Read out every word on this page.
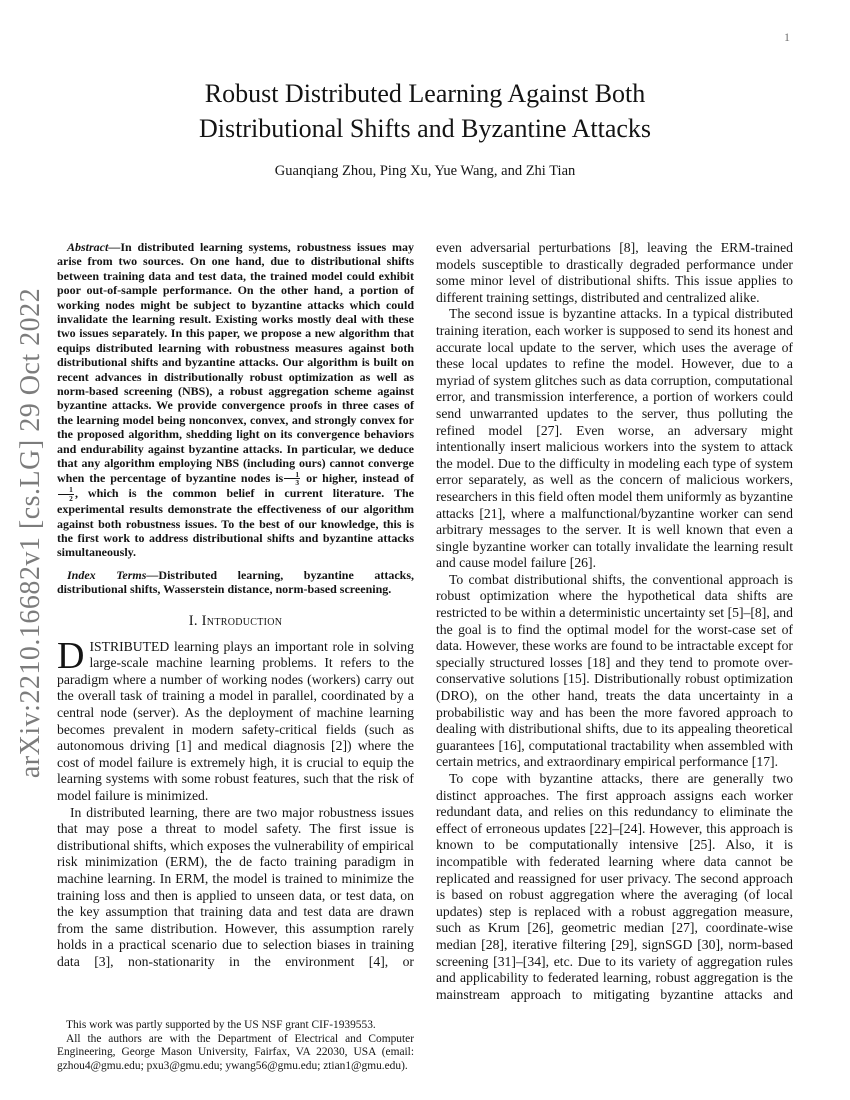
1
arXiv:2210.16682v1 [cs.LG] 29 Oct 2022
Robust Distributed Learning Against Both
Distributional Shifts and Byzantine Attacks
Guanqiang Zhou, Ping Xu, Yue Wang, and Zhi Tian

Abstract—In distributed learning systems, robustness issues may arise from two sources. On one hand, due to distributional shifts between training data and test data, the trained model could exhibit poor out-of-sample performance. On the other hand, a portion of working nodes might be subject to byzantine attacks which could invalidate the learning result. Existing works mostly deal with these two issues separately. In this paper, we propose a new algorithm that equips distributed learning with robustness measures against both distributional shifts and byzantine attacks. Our algorithm is built on recent advances in distributionally robust optimization as well as norm-based screening (NBS), a robust aggregation scheme against byzantine attacks. We provide convergence proofs in three cases of the learning model being nonconvex, convex, and strongly convex for the proposed algorithm, shedding light on its convergence behaviors and endurability against byzantine attacks. In particular, we deduce that any algorithm employing NBS (including ours) cannot converge when the percentage of byzantine nodes is $\frac{1}{3}$ or higher, instead of
$\frac{1}{2}$ , which is the common belief in current literature. The experimental results demonstrate the effectiveness of our algorithm against both robustness issues. To the best of our knowledge, this is the first work to address distributional shifts and byzantine attacks simultaneously.

Index Terms—Distributed learning, byzantine attacks, distributional shifts, Wasserstein distance, norm-based screening.

I. Introduction

DISTRIBUTED learning plays an important role in solving large-scale machine learning problems. It refers to the paradigm where a number of working nodes (workers) carry out the overall task of training a model in parallel, coordinated by a central node (server). As the deployment of machine learning becomes prevalent in modern safety-critical fields (such as autonomous driving [1] and medical diagnosis [2]) where the cost of model failure is extremely high, it is crucial to equip the learning systems with some robust features, such that the risk of model failure is minimized.

In distributed learning, there are two major robustness issues that may pose a threat to model safety. The first issue is distributional shifts, which exposes the vulnerability of empirical risk minimization (ERM), the de facto training paradigm in machine learning. In ERM, the model is trained to minimize the training loss and then is applied to unseen data, or test data, on the key assumption that training data and test data are drawn from the same distribution. However, this assumption rarely holds in a practical scenario due to selection biases in training data [3], non-stationarity in the environment [4], or

This work was partly supported by the US NSF grant CIF-1939553.

All the authors are with the Department of Electrical and Computer Engineering, George Mason University, Fairfax, VA 22030, USA (email: gzhou4@gmu.edu; pxu3@gmu.edu; ywang56@gmu.edu; ztian1@gmu.edu).

even adversarial perturbations [8], leaving the ERM-trained models susceptible to drastically degraded performance under some minor level of distributional shifts. This issue applies to different training settings, distributed and centralized alike.

The second issue is byzantine attacks. In a typical distributed training iteration, each worker is supposed to send its honest and accurate local update to the server, which uses the average of these local updates to refine the model. However, due to a myriad of system glitches such as data corruption, computational error, and transmission interference, a portion of workers could send unwarranted updates to the server, thus polluting the refined model [27]. Even worse, an adversary might intentionally insert malicious workers into the system to attack the model. Due to the difficulty in modeling each type of system error separately, as well as the concern of malicious workers, researchers in this field often model them uniformly as byzantine attacks [21], where a malfunctional/byzantine worker can send arbitrary messages to the server. It is well known that even a single byzantine worker can totally invalidate the learning result and cause model failure [26].

To combat distributional shifts, the conventional approach is robust optimization where the hypothetical data shifts are restricted to be within a deterministic uncertainty set [5]–[8], and the goal is to find the optimal model for the worst-case set of data. However, these works are found to be intractable except for specially structured losses [18] and they tend to promote over-conservative solutions [15]. Distributionally robust optimization (DRO), on the other hand, treats the data uncertainty in a probabilistic way and has been the more favored approach to dealing with distributional shifts, due to its appealing theoretical guarantees [16], computational tractability when assembled with certain metrics, and extraordinary empirical performance [17].

To cope with byzantine attacks, there are generally two distinct approaches. The first approach assigns each worker redundant data, and relies on this redundancy to eliminate the effect of erroneous updates [22]–[24]. However, this approach is known to be computationally intensive [25]. Also, it is incompatible with federated learning where data cannot be replicated and reassigned for user privacy. The second approach is based on robust aggregation where the averaging (of local updates) step is replaced with a robust aggregation measure, such as Krum [26], geometric median [27], coordinate-wise median [28], iterative filtering [29], signSGD [30], norm-based screening [31]–[34], etc. Due to its variety of aggregation rules and applicability to federated learning, robust aggregation is the mainstream approach to mitigating byzantine attacks and
